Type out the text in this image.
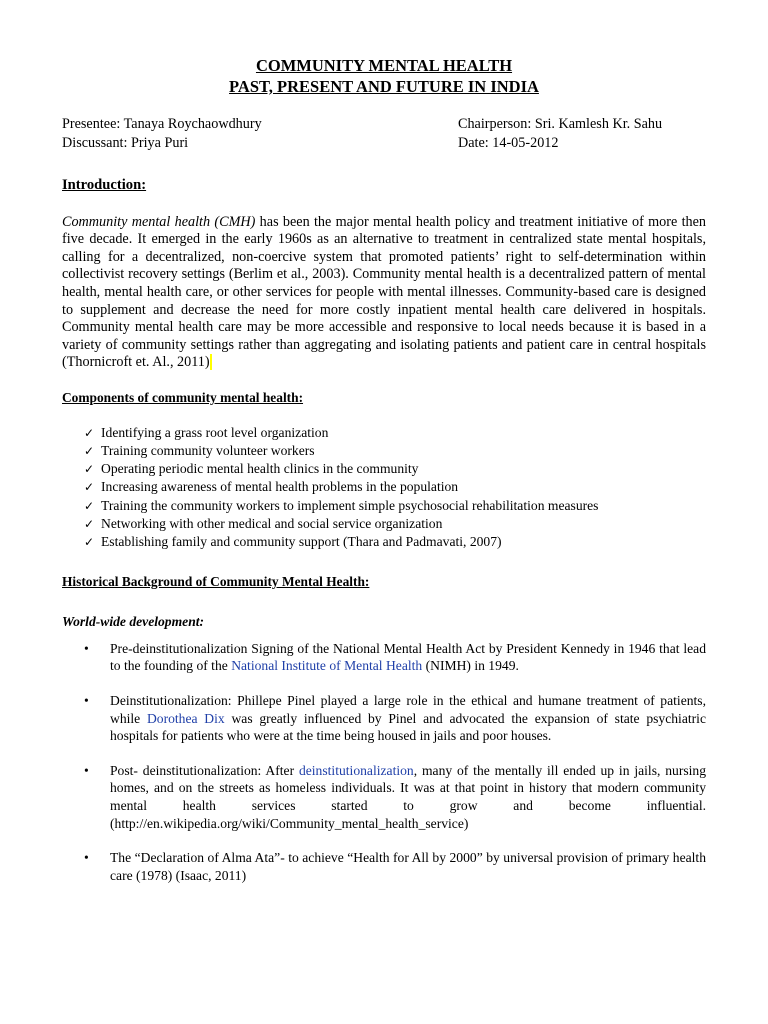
COMMUNITY MENTAL HEALTH
PAST, PRESENT AND FUTURE IN INDIA
Presentee: Tanaya Roychaowdhury
Discussant: Priya Puri
Chairperson: Sri. Kamlesh Kr. Sahu
Date: 14-05-2012
Introduction:
Community mental health (CMH) has been the major mental health policy and treatment initiative of more then five decade. It emerged in the early 1960s as an alternative to treatment in centralized state mental hospitals, calling for a decentralized, non-coercive system that promoted patients’ right to self-determination within collectivist recovery settings (Berlim et al., 2003). Community mental health is a decentralized pattern of mental health, mental health care, or other services for people with mental illnesses. Community-based care is designed to supplement and decrease the need for more costly inpatient mental health care delivered in hospitals. Community mental health care may be more accessible and responsive to local needs because it is based in a variety of community settings rather than aggregating and isolating patients and patient care in central hospitals (Thornicroft et. Al., 2011)
Components of community mental health:
✓ Identifying a grass root level organization
✓ Training community volunteer workers
✓ Operating periodic mental health clinics in the community
✓ Increasing awareness of mental health problems in the population
✓ Training the community workers to implement simple psychosocial rehabilitation measures
✓ Networking with other medical and social service organization
✓ Establishing family and community support (Thara and Padmavati, 2007)
Historical Background of Community Mental Health:
World-wide development:
• Pre-deinstitutionalization Signing of the National Mental Health Act by President Kennedy in 1946 that lead to the founding of the National Institute of Mental Health (NIMH) in 1949.
• Deinstitutionalization: Phillepe Pinel played a large role in the ethical and humane treatment of patients, while Dorothea Dix was greatly influenced by Pinel and advocated the expansion of state psychiatric hospitals for patients who were at the time being housed in jails and poor houses.
• Post- deinstitutionalization: After deinstitutionalization, many of the mentally ill ended up in jails, nursing homes, and on the streets as homeless individuals. It was at that point in history that modern community mental health services started to grow and become influential. (http://en.wikipedia.org/wiki/Community_mental_health_service)
• The “Declaration of Alma Ata”- to achieve “Health for All by 2000” by universal provision of primary health care (1978) (Isaac, 2011)
